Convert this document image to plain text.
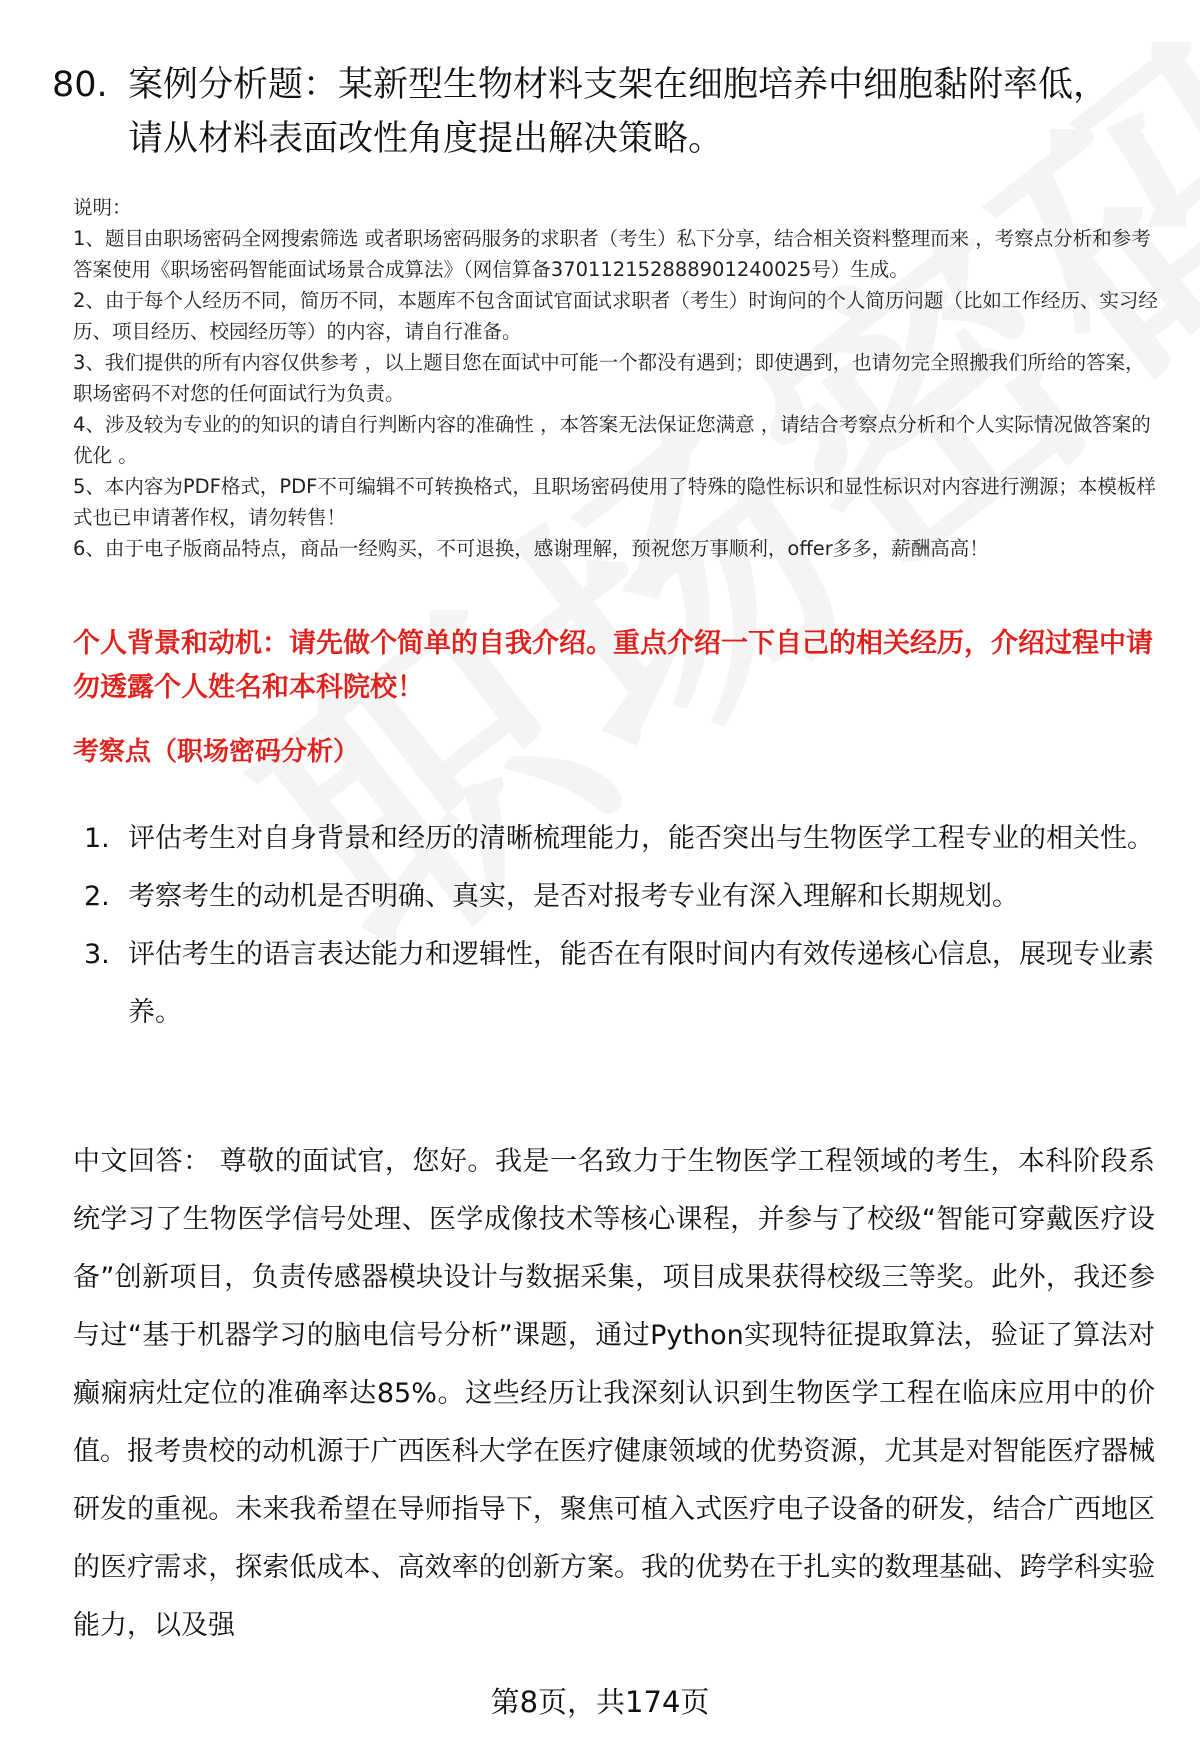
80. 案例分析题：某新型生物材料支架在细胞培养中细胞黏附率低，
请从材料表面改性角度提出解决策略。

说明：

1、题目由职场密码全网搜索筛选 或者职场密码服务的求职者（考生）私下分享，结合相关资料整理而来 ，考察点分析和参考答案使用《职场密码智能面试场景合成算法》（网信算备370112152888901240025号）生成。

2、由于每个人经历不同，简历不同，本题库不包含面试官面试求职者（考生）时询问的个人简历问题（比如工作经历、实习经历、项目经历、校园经历等）的内容，请自行准备。

3、我们提供的所有内容仅供参考 ，以上题目您在面试中可能一个都没有遇到；即使遇到，也请勿完全照搬我们所给的答案，职场密码不对您的任何面试行为负责。

4、涉及较为专业的的知识的请自行判断内容的准确性 ，本答案无法保证您满意 ，请结合考察点分析和个人实际情况做答案的优化 。

5、本内容为PDF格式，PDF不可编辑不可转换格式，且职场密码使用了特殊的隐性标识和显性标识对内容进行溯源；本模板样式也已申请著作权，请勿转售！

6、由于电子版商品特点，商品一经购买，不可退换，感谢理解，预祝您万事顺利，offer多多，薪酬高高！

个人背景和动机：请先做个简单的自我介绍。重点介绍一下自己的相关经历，介绍过程中请勿透露个人姓名和本科院校！
考察点（职场密码分析）
1. 评估考生对自身背景和经历的清晰梳理能力，能否突出与生物医学工程专业的相关性。
2. 考察考生的动机是否明确、真实，是否对报考专业有深入理解和长期规划。
3. 评估考生的语言表达能力和逻辑性，能否在有限时间内有效传递核心信息，展现专业素养。
中文回答： 尊敬的面试官，您好。我是一名致力于生物医学工程领域的考生，本科阶段系统学习了生物医学信号处理、医学成像技术等核心课程，并参与了校级“智能可穿戴医疗设备”创新项目，负责传感器模块设计与数据采集，项目成果获得校级三等奖。此外，我还参与过“基于机器学习的脑电信号分析”课题，通过Python实现特征提取算法，验证了算法对癫痫病灶定位的准确率达85%。这些经历让我深刻认识到生物医学工程在临床应用中的价值。报考贵校的动机源于广西医科大学在医疗健康领域的优势资源，尤其是对智能医疗器械研发的重视。未来我希望在导师指导下，聚焦可植入式医疗电子设备的研发，结合广西地区的医疗需求，探索低成本、高效率的创新方案。我的优势在于扎实的数理基础、跨学科实验能力，以及强
第8页，共174页
